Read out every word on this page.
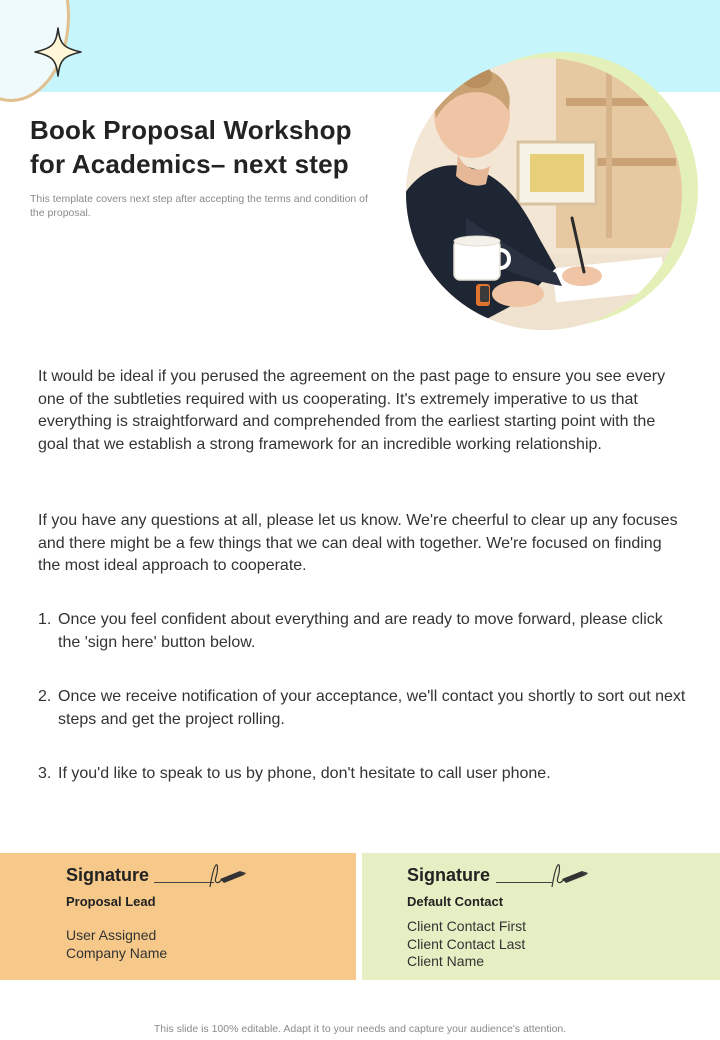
Book Proposal Workshop
for Academics– next step

This template covers next step after accepting the terms and condition of the proposal.

It would be ideal if you perused the agreement on the past page to ensure you see every one of the subtleties required with us cooperating. It's extremely imperative to us that everything is straightforward and comprehended from the earliest starting point with the goal that we establish a strong framework for an incredible working relationship.

If you have any questions at all, please let us know. We're cheerful to clear up any focuses and there might be a few things that we can deal with together. We're focused on finding the most ideal approach to cooperate.

1. Once you feel confident about everything and are ready to move forward, please click the 'sign here' button below.
2. Once we receive notification of your acceptance, we'll contact you shortly to sort out next steps and get the project rolling.
3. If you'd like to speak to us by phone, don't hesitate to call user phone.
Signature
Proposal Lead
User Assigned
Company Name
Signature
Default Contact
Client Contact First
Client Contact Last
Client Name
This slide is 100% editable. Adapt it to your needs and capture your audience's attention.
